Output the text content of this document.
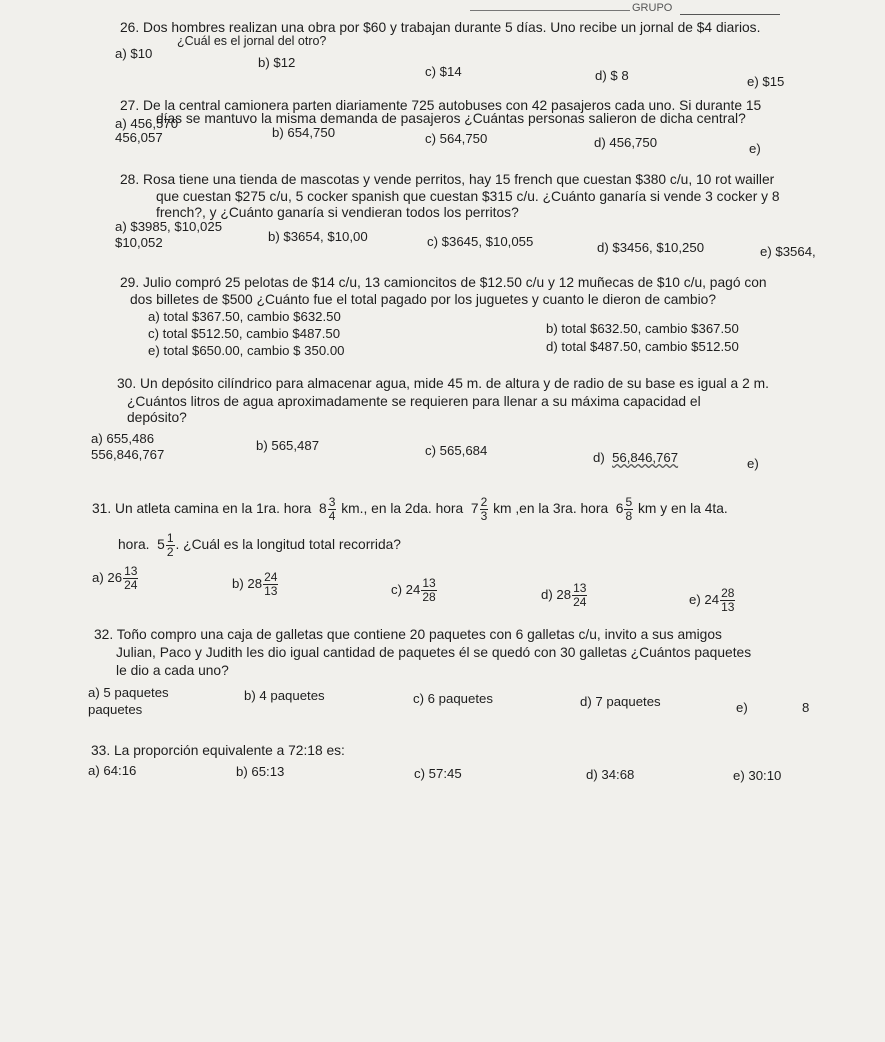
GRUPO
26. Dos hombres realizan una obra por $60 y trabajan durante 5 días. Uno recibe un jornal de $4 diarios.
¿Cuál es el jornal del otro?
a) $10
b) $12
c) $14	d) $ 8	e) $15
27. De la central camionera parten diariamente 725 autobuses con 42 pasajeros cada uno. Si durante 15
días se mantuvo la misma demanda de pasajeros ¿Cuántas personas salieron de dicha central?
a) 456,570
456,057	b) 654,750	c) 564,750	d) 456,750	e)
28. Rosa tiene una tienda de mascotas y vende perritos, hay 15 french que cuestan $380 c/u, 10 rot wailler
que cuestan $275 c/u, 5 cocker spanish que cuestan $315 c/u. ¿Cuánto ganaría si vende 3 cocker y 8
french?, y ¿Cuánto ganaría si vendieran todos los perritos?
a) $3985, $10,025
$10,052	b) $3654, $10,00	c) $3645, $10,055	d) $3456, $10,250	e) $3564,
29. Julio compró 25 pelotas de $14 c/u, 13 camioncitos de $12.50 c/u y 12 muñecas de $10 c/u, pagó con
dos billetes de $500 ¿Cuánto fue el total pagado por los juguetes y cuanto le dieron de cambio?
a) total $367.50, cambio $632.50
b) total $632.50, cambio $367.50
c) total $512.50, cambio $487.50
d) total $487.50, cambio $512.50
e) total $650.00, cambio $ 350.00
30. Un depósito cilíndrico para almacenar agua, mide 45 m. de altura y de radio de su base es igual a 2 m.
¿Cuántos litros de agua aproximadamente se requieren para llenar a su máxima capacidad el
depósito?
a) 655,486
556,846,767
b) 565,487	c) 565,684	d) 56,846,767	e)
31. Un atleta camina en la 1ra. hora $8 \frac{3}{4}$ km., en la 2da. hora $7 \frac{2}{3}$ km ,en la 3ra. hora $6 \frac{5}{8}$ km y en la 4ta.
hora. $5 \frac{1}{2}$ . ¿Cuál es la longitud total recorrida?
a) $26 \frac{13}{24}$	b) $28 \frac{24}{13}$	c) $24 \frac{13}{28}$	d) $28 \frac{13}{24}$	e) $24 \frac{28}{13}$
32. Toño compro una caja de galletas que contiene 20 paquetes con 6 galletas c/u, invito a sus amigos
Julian, Paco y Judith les dio igual cantidad de paquetes él se quedó con 30 galletas ¿Cuántos paquetes
le dio a cada uno?
a) 5 paquetes
paquetes
b) 4 paquetes	c) 6 paquetes	d) 7 paquetes	e)	8
33. La proporción equivalente a 72:18 es:
a) 64:16	b) 65:13	c) 57:45	d) 34:68	e) 30:10
